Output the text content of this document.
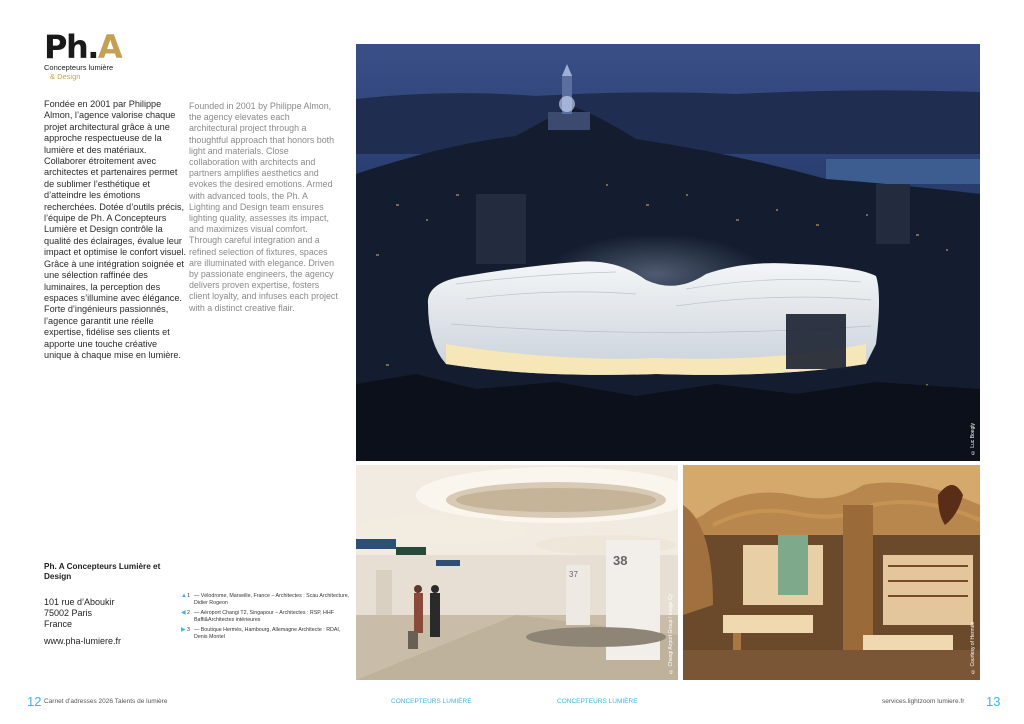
Ph.A
Concepteurs lumière
& Design
Fondée en 2001 par Philippe Almon, l’agence valorise chaque projet architectural grâce à une approche respectueuse de la lumière et des matériaux. Collaborer étroitement avec architectes et partenaires permet de sublimer l’esthétique et d’atteindre les émotions recherchées. Dotée d’outils précis, l’équipe de Ph. A Concepteurs Lumière et Design contrôle la qualité des éclairages, évalue leur impact et optimise le confort visuel. Grâce à une intégration soignée et une sélection raffinée des luminaires, la perception des espaces s’illumine avec élégance. Forte d’ingénieurs passionnés, l’agence garantit une réelle expertise, fidélise ses clients et apporte une touche créative unique à chaque mise en lumière.
Founded in 2001 by Philippe Almon, the agency elevates each architectural project through a thoughtful approach that honors both light and materials. Close collaboration with architects and partners amplifies aesthetics and evokes the desired emotions. Armed with advanced tools, the Ph. A Lighting and Design team ensures lighting quality, assesses its impact, and maximizes visual comfort. Through careful integration and a refined selection of fixtures, spaces are illuminated with elegance. Driven by passionate engineers, the agency delivers proven expertise, fosters client loyalty, and infuses each project with a distinct creative flair.
Ph. A Concepteurs Lumière et Design
101 rue d’Aboukir
75002 Paris
France
www.pha-lumiere.fr
▲ 1 — Vélodrome, Marseille, France – Architectes : Scau Architecture, Didier Rogeon
◀ 2 — Aéroport Changi T2, Singapour – Architectes : RSP, HHF Baffi&Architectes intérieures
▶ 3 — Boutique Hermès, Hambourg, Allemagne Architecte : RDAI, Denis Montel
© Luc Boegly
38
37
© Changi Airport Group / Image Cy	© Courtesy of Hermès
12 Carnet d’adresses 2026 Talents de lumière	CONCEPTEURS LUMIÈRE	CONCEPTEURS LUMIÈRE	services.lightzoom lumiere.fr 13
